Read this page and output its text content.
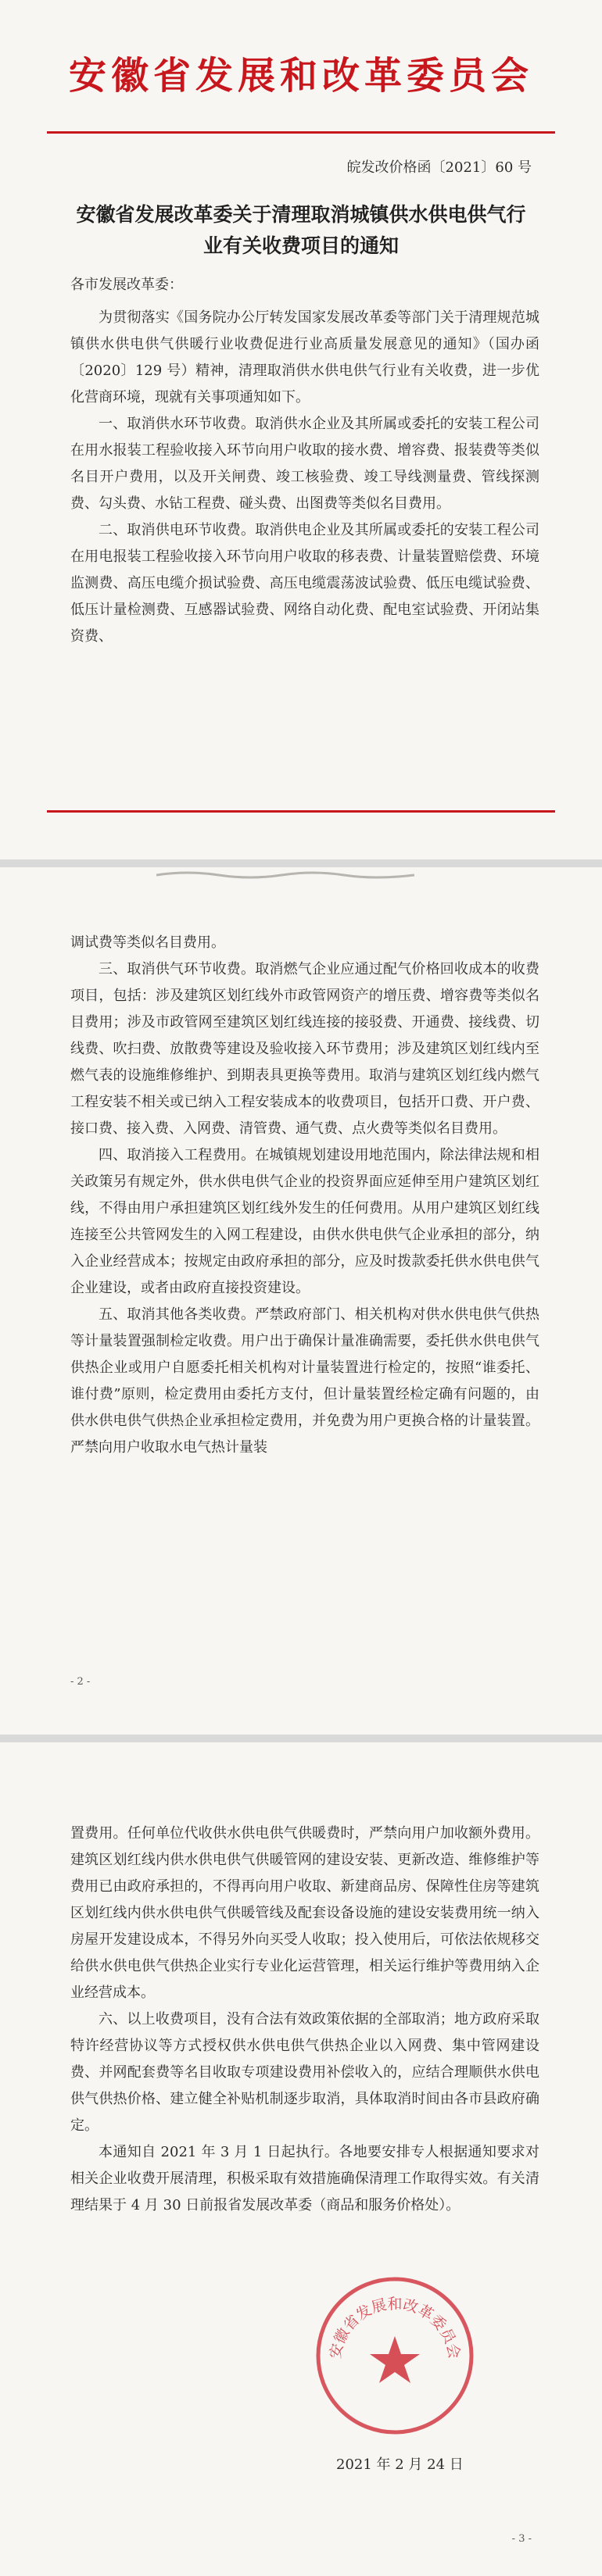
安徽省发展和改革委员会
皖发改价格函〔2021〕60 号
安徽省发展改革委关于清理取消城镇供水供电供气行业有关收费项目的通知
各市发展改革委：

为贯彻落实《国务院办公厅转发国家发展改革委等部门关于清理规范城镇供水供电供气供暖行业收费促进行业高质量发展意见的通知》（国办函〔2020〕129 号）精神，清理取消供水供电供气行业有关收费，进一步优化营商环境，现就有关事项通知如下。

一、取消供水环节收费。取消供水企业及其所属或委托的安装工程公司在用水报装工程验收接入环节向用户收取的接水费、增容费、报装费等类似名目开户费用，以及开关闸费、竣工核验费、竣工导线测量费、管线探测费、勾头费、水钻工程费、碰头费、出图费等类似名目费用。

二、取消供电环节收费。取消供电企业及其所属或委托的安装工程公司在用电报装工程验收接入环节向用户收取的移表费、计量装置赔偿费、环境监测费、高压电缆介损试验费、高压电缆震荡波试验费、低压电缆试验费、低压计量检测费、互感器试验费、网络自动化费、配电室试验费、开闭站集资费、

调试费等类似名目费用。

三、取消供气环节收费。取消燃气企业应通过配气价格回收成本的收费项目，包括：涉及建筑区划红线外市政管网资产的增压费、增容费等类似名目费用；涉及市政管网至建筑区划红线连接的接驳费、开通费、接线费、切线费、吹扫费、放散费等建设及验收接入环节费用；涉及建筑区划红线内至燃气表的设施维修维护、到期表具更换等费用。取消与建筑区划红线内燃气工程安装不相关或已纳入工程安装成本的收费项目，包括开口费、开户费、接口费、接入费、入网费、清管费、通气费、点火费等类似名目费用。

四、取消接入工程费用。在城镇规划建设用地范围内，除法律法规和相关政策另有规定外，供水供电供气企业的投资界面应延伸至用户建筑区划红线，不得由用户承担建筑区划红线外发生的任何费用。从用户建筑区划红线连接至公共管网发生的入网工程建设，由供水供电供气企业承担的部分，纳入企业经营成本；按规定由政府承担的部分，应及时拨款委托供水供电供气企业建设，或者由政府直接投资建设。

五、取消其他各类收费。严禁政府部门、相关机构对供水供电供气供热等计量装置强制检定收费。用户出于确保计量准确需要，委托供水供电供气供热企业或用户自愿委托相关机构对计量装置进行检定的，按照“谁委托、谁付费”原则，检定费用由委托方支付，但计量装置经检定确有问题的，由供水供电供气供热企业承担检定费用，并免费为用户更换合格的计量装置。严禁向用户收取水电气热计量装

- 2 -

置费用。任何单位代收供水供电供气供暖费时，严禁向用户加收额外费用。建筑区划红线内供水供电供气供暖管网的建设安装、更新改造、维修维护等费用已由政府承担的，不得再向用户收取、新建商品房、保障性住房等建筑区划红线内供水供电供气供暖管线及配套设备设施的建设安装费用统一纳入房屋开发建设成本，不得另外向买受人收取；投入使用后，可依法依规移交给供水供电供气供热企业实行专业化运营管理，相关运行维护等费用纳入企业经营成本。

六、以上收费项目，没有合法有效政策依据的全部取消；地方政府采取特许经营协议等方式授权供水供电供气供热企业以入网费、集中管网建设费、并网配套费等名目收取专项建设费用补偿收入的，应结合理顺供水供电供气供热价格、建立健全补贴机制逐步取消，具体取消时间由各市县政府确定。

本通知自 2021 年 3 月 1 日起执行。各地要安排专人根据通知要求对相关企业收费开展清理，积极采取有效措施确保清理工作取得实效。有关清理结果于 4 月 30 日前报省发展改革委（商品和服务价格处）。

安徽省发展和改革委员会
2021 年 2 月 24 日
- 3 -
